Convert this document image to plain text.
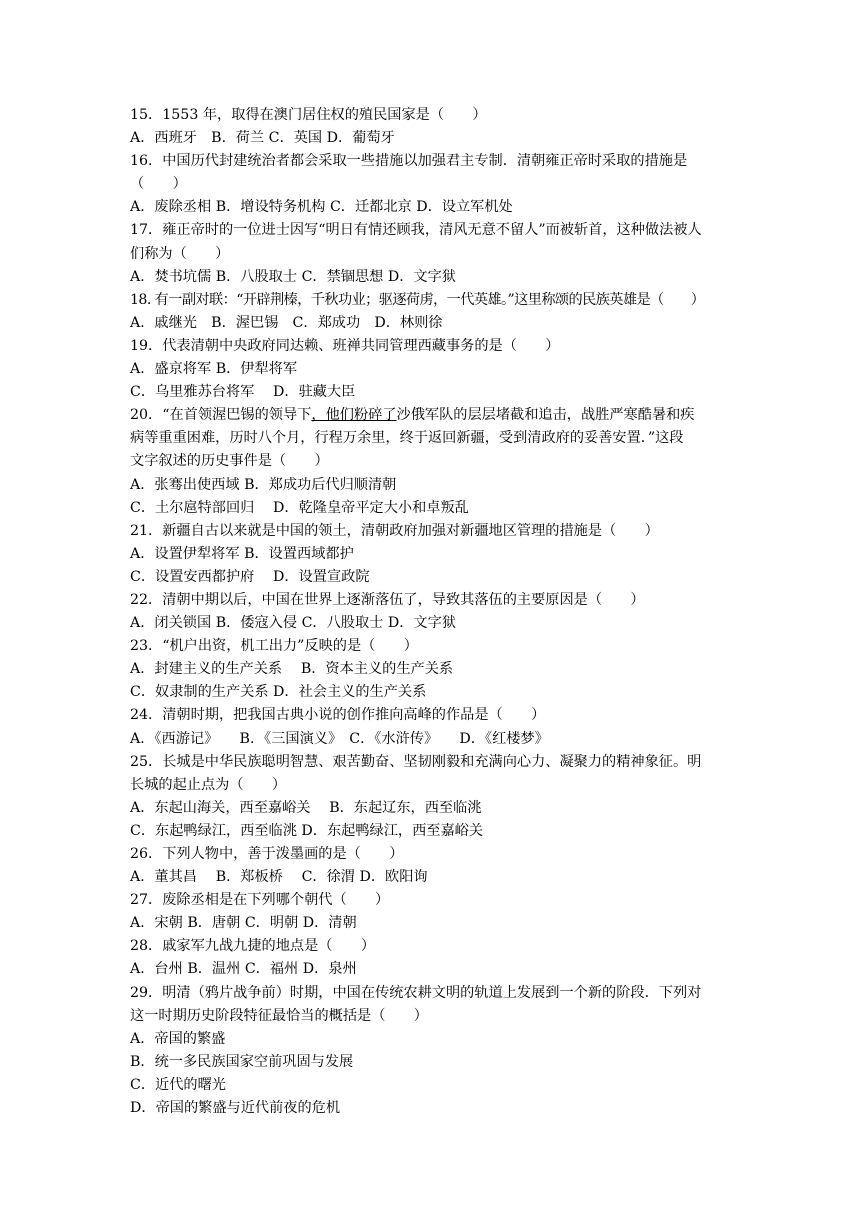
15．1553 年，取得在澳门居住权的殖民国家是（　　）
A．西班牙　B．荷兰 C．英国 D．葡萄牙
16．中国历代封建统治者都会采取一些措施以加强君主专制．清朝雍正帝时采取的措施是
（　　）
A．废除丞相 B．增设特务机构 C．迁都北京 D．设立军机处
17．雍正帝时的一位进士因写“明日有情还顾我，清风无意不留人”而被斩首，这种做法被人
们称为（　　）
A．焚书坑儒 B．八股取士 C．禁锢思想 D．文字狱
18. 有一副对联：“开辟荆榛，千秋功业；驱逐荷虏，一代英雄。”这里称颂的民族英雄是（　　）
A．戚继光　B．渥巴锡　C．郑成功　D．林则徐
19．代表清朝中央政府同达赖、班禅共同管理西藏事务的是（　　）
A．盛京将军 B．伊犁将军
C．乌里雅苏台将军　 D．驻藏大臣
20．“在首领渥巴锡的领导下，他们粉碎了沙俄军队的层层堵截和追击，战胜严寒酷暑和疾
病等重重困难，历时八个月，行程万余里，终于返回新疆，受到清政府的妥善安置．”这段
文字叙述的历史事件是（　　）
A．张骞出使西域 B．郑成功后代归顺清朝
C．土尔扈特部回归　 D．乾隆皇帝平定大小和卓叛乱
21．新疆自古以来就是中国的领土，清朝政府加强对新疆地区管理的措施是（　　）
A．设置伊犁将军 B．设置西域都护
C．设置安西都护府　 D．设置宣政院
22．清朝中期以后，中国在世界上逐渐落伍了，导致其落伍的主要原因是（　　）
A．闭关锁国 B．倭寇入侵 C．八股取士 D．文字狱
23．“机户出资，机工出力”反映的是（　　）
A．封建主义的生产关系　 B．资本主义的生产关系
C．奴隶制的生产关系 D．社会主义的生产关系
24．清朝时期，把我国古典小说的创作推向高峰的作品是（　　）
A．《西游记》　　B．《三国演义》　C．《水浒传》　　D．《红楼梦》
25．长城是中华民族聪明智慧、艰苦勤奋、坚韧刚毅和充满向心力、凝聚力的精神象征。明
长城的起止点为（　　）
A．东起山海关，西至嘉峪关　 B．东起辽东，西至临洮
C．东起鸭绿江，西至临洮 D．东起鸭绿江，西至嘉峪关
26．下列人物中，善于泼墨画的是（　　）
A．董其昌　 B．郑板桥　 C．徐渭 D．欧阳询
27．废除丞相是在下列哪个朝代（　　）
A．宋朝 B．唐朝 C．明朝 D．清朝
28．戚家军九战九捷的地点是（　　）
A．台州 B．温州 C．福州 D．泉州
29．明清（鸦片战争前）时期，中国在传统农耕文明的轨道上发展到一个新的阶段．下列对
这一时期历史阶段特征最恰当的概括是（　　）
A．帝国的繁盛
B．统一多民族国家空前巩固与发展
C．近代的曙光
D．帝国的繁盛与近代前夜的危机
